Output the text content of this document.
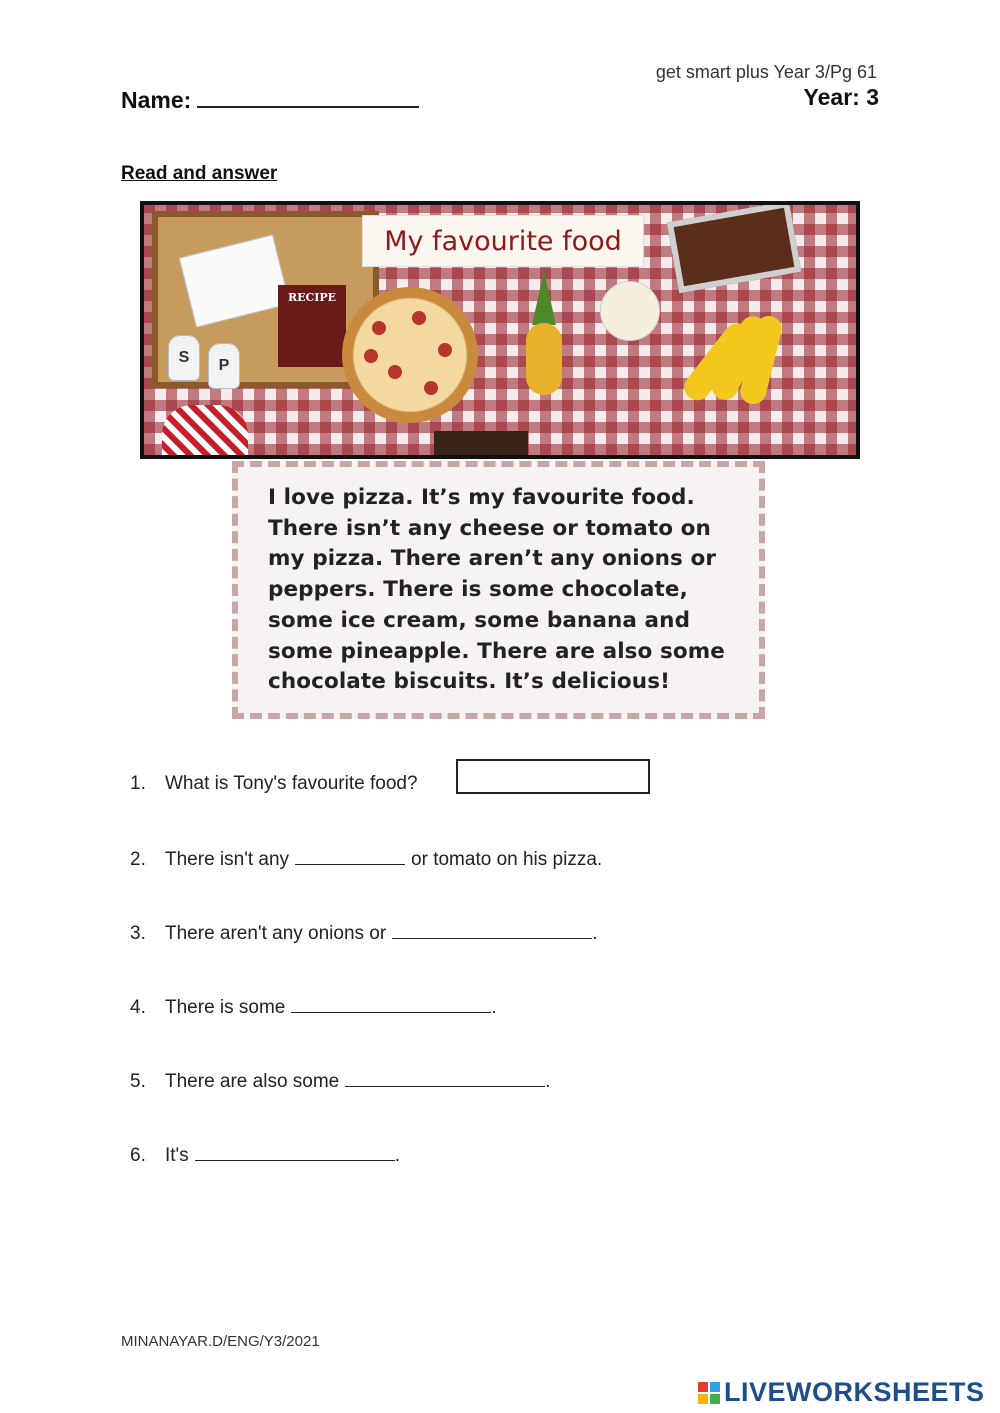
get smart plus Year 3/Pg 61
Name:	Year: 3
Read and answer
RECIPE
S	P
My favourite food

I love pizza. It’s my favourite food.

There isn’t any cheese or tomato on

my pizza. There aren’t any onions or

peppers. There is some chocolate,

some ice cream, some banana and

some pineapple. There are also some

chocolate biscuits. It’s delicious!

1.	What is Tony's favourite food?
2.	There isn't any	or tomato on his pizza.
3.	There aren't any onions or	.
4.	There is some	.
5.	There are also some	.
6.	It's	.
MINANAYAR.D/ENG/Y3/2021
LIVEWORKSHEETS
